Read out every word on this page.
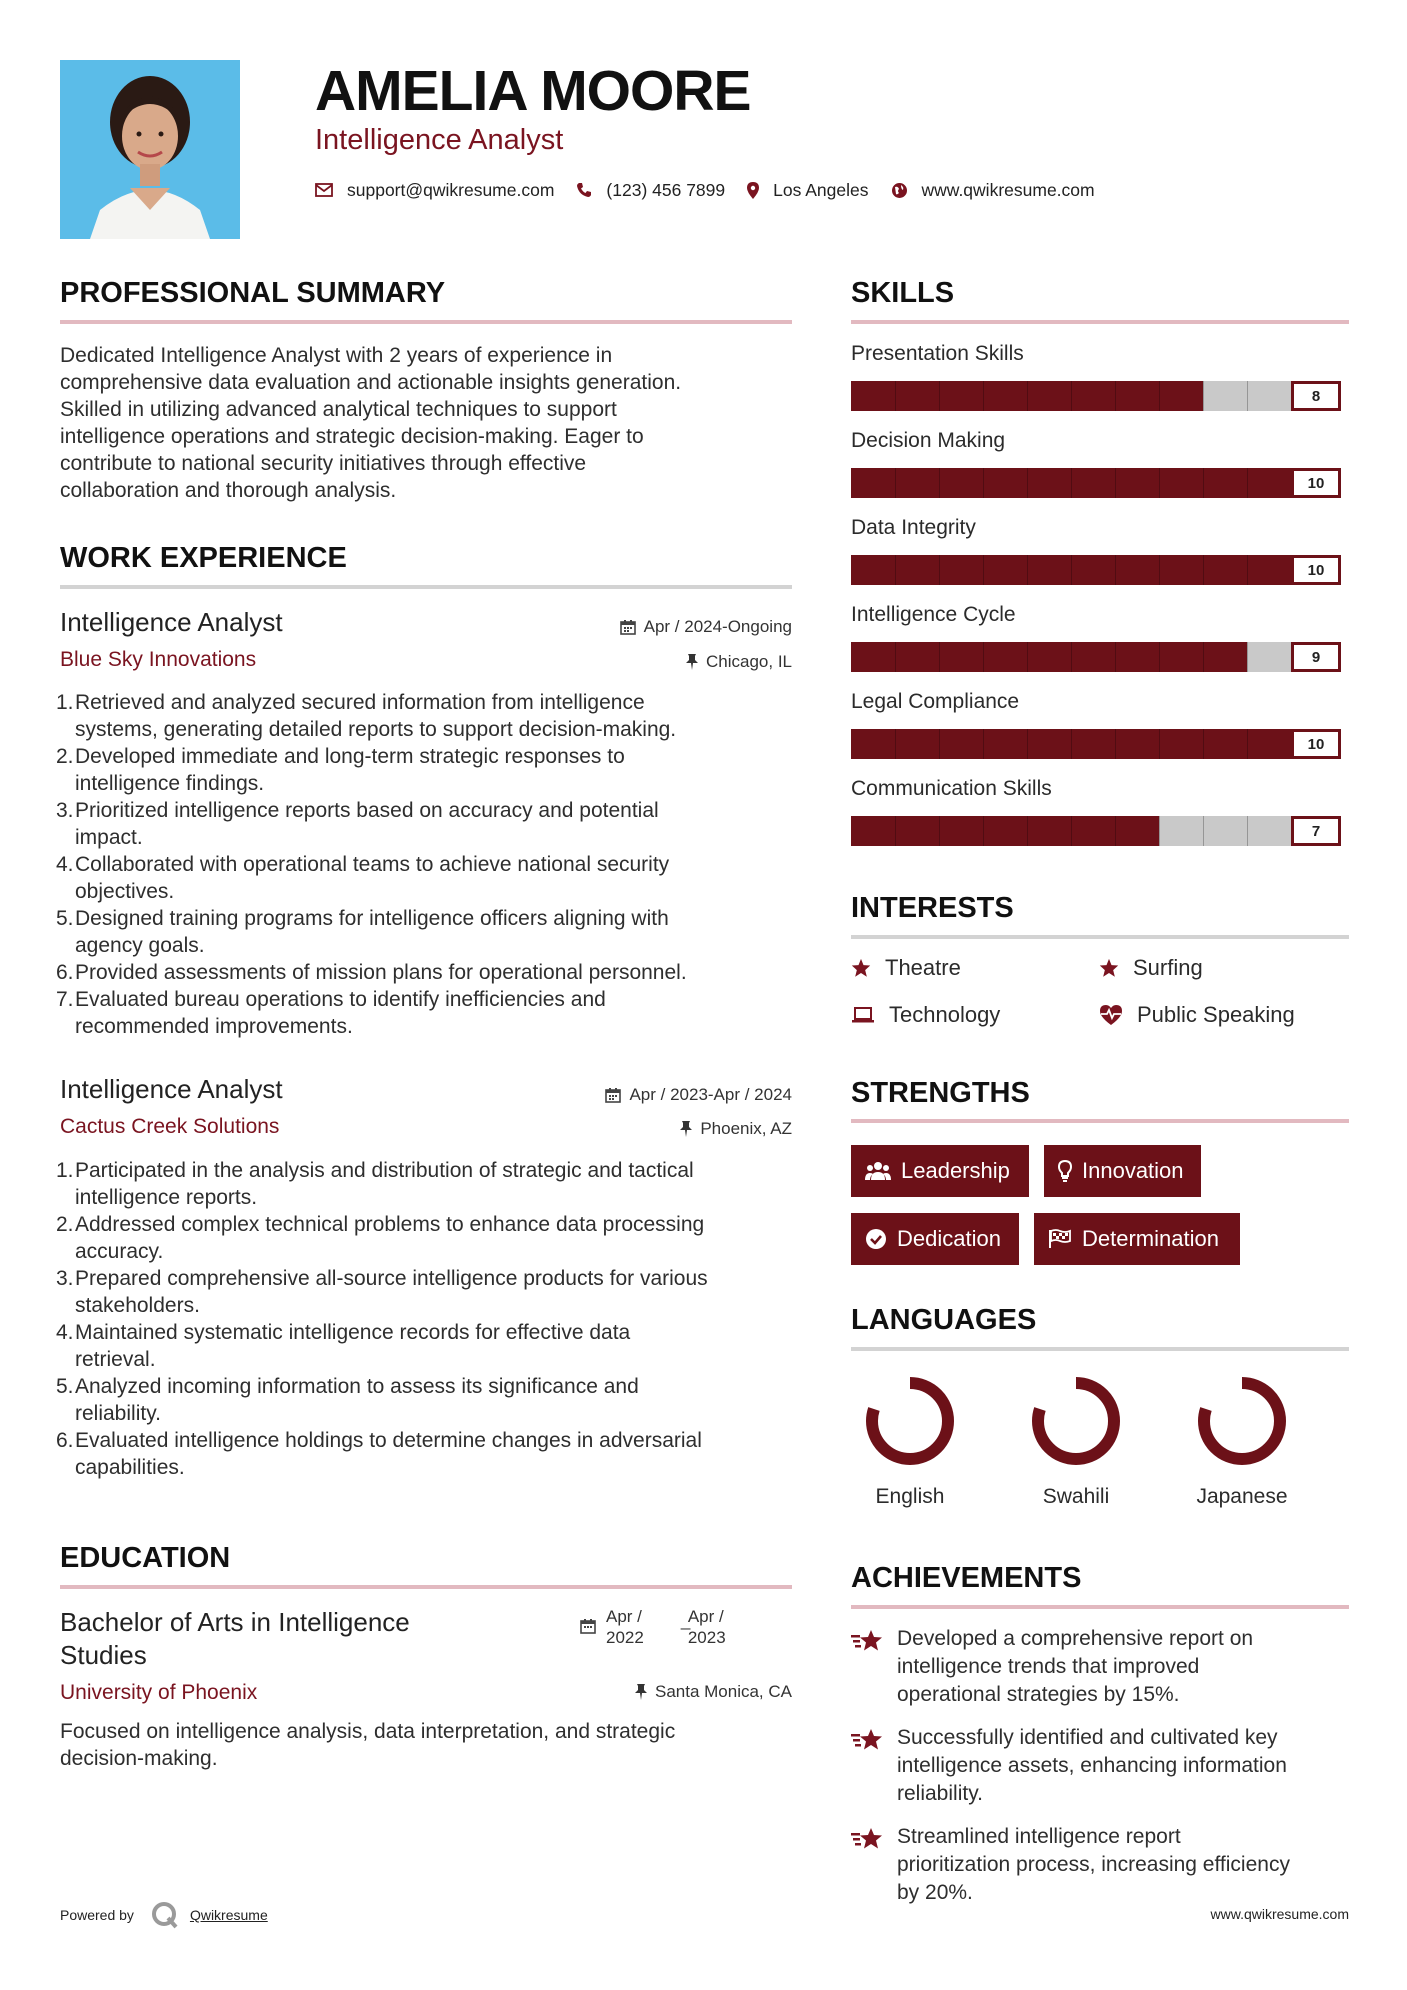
AMELIA MOORE
Intelligence Analyst
support@qwikresume.com	(123) 456 7899	Los Angeles	www.qwikresume.com
PROFESSIONAL SUMMARY
Dedicated Intelligence Analyst with 2 years of experience in
comprehensive data evaluation and actionable insights generation.
Skilled in utilizing advanced analytical techniques to support
intelligence operations and strategic decision-making. Eager to
contribute to national security initiatives through effective
collaboration and thorough analysis.
WORK EXPERIENCE
Intelligence Analyst
Blue Sky Innovations
Apr / 2024-Ongoing
Chicago, IL
1. Retrieved and analyzed secured information from intelligence
systems, generating detailed reports to support decision-making.
2. Developed immediate and long-term strategic responses to
intelligence findings.
3. Prioritized intelligence reports based on accuracy and potential
impact.
4. Collaborated with operational teams to achieve national security
objectives.
5. Designed training programs for intelligence officers aligning with
agency goals.
6. Provided assessments of mission plans for operational personnel.
7. Evaluated bureau operations to identify inefficiencies and
recommended improvements.
Intelligence Analyst
Cactus Creek Solutions
Apr / 2023-Apr / 2024
Phoenix, AZ
1. Participated in the analysis and distribution of strategic and tactical
intelligence reports.
2. Addressed complex technical problems to enhance data processing
accuracy.
3. Prepared comprehensive all-source intelligence products for various
stakeholders.
4. Maintained systematic intelligence records for effective data
retrieval.
5. Analyzed incoming information to assess its significance and
reliability.
6. Evaluated intelligence holdings to determine changes in adversarial
capabilities.
EDUCATION
Bachelor of Arts in Intelligence
Studies
University of Phoenix
Apr /
2022
_
Apr /
2023
Santa Monica, CA
Focused on intelligence analysis, data interpretation, and strategic
decision-making.
SKILLS
Presentation Skills
8
Decision Making
10
Data Integrity
10
Intelligence Cycle
9
Legal Compliance
10
Communication Skills
7
INTERESTS
Theatre	Surfing
Technology	Public Speaking
STRENGTHS
Leadership	Innovation
Dedication	Determination
LANGUAGES
English	Swahili	Japanese
ACHIEVEMENTS
Developed a comprehensive report on
intelligence trends that improved
operational strategies by 15%.
Successfully identified and cultivated key
intelligence assets, enhancing information
reliability.
Streamlined intelligence report
prioritization process, increasing efficiency
by 20%.
Powered by	Qwikresume	www.qwikresume.com
